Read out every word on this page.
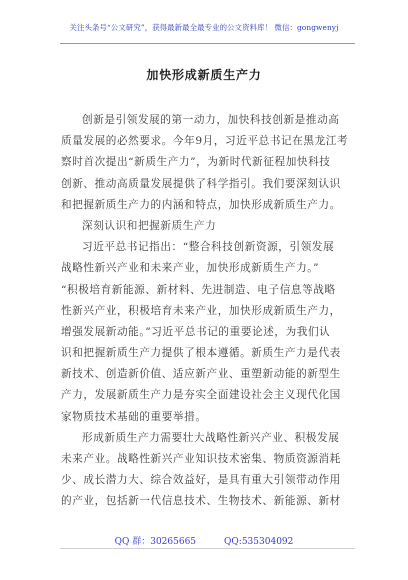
关注头条号“公文研究”，获得最新最全最专业的公文资料库！ 微信：gongwenyj
加快形成新质生产力
创新是引领发展的第一动力，加快科技创新是推动高
质量发展的必然要求。今年9月，习近平总书记在黑龙江考
察时首次提出“新质生产力”，为新时代新征程加快科技
创新、推动高质量发展提供了科学指引。我们要深刻认识
和把握新质生产力的内涵和特点，加快形成新质生产力。
深刻认识和把握新质生产力
习近平总书记指出：“整合科技创新资源，引领发展
战略性新兴产业和未来产业，加快形成新质生产力。”
“积极培育新能源、新材料、先进制造、电子信息等战略
性新兴产业，积极培育未来产业，加快形成新质生产力，
增强发展新动能。”习近平总书记的重要论述，为我们认
识和把握新质生产力提供了根本遵循。新质生产力是代表
新技术、创造新价值、适应新产业、重塑新动能的新型生
产力，发展新质生产力是夯实全面建设社会主义现代化国
家物质技术基础的重要举措。
形成新质生产力需要壮大战略性新兴产业、积极发展
未来产业。战略性新兴产业知识技术密集、物质资源消耗
少、成长潜力大、综合效益好，是具有重大引领带动作用
的产业，包括新一代信息技术、生物技术、新能源、新材
QQ 群：30265665	QQ:535304092
